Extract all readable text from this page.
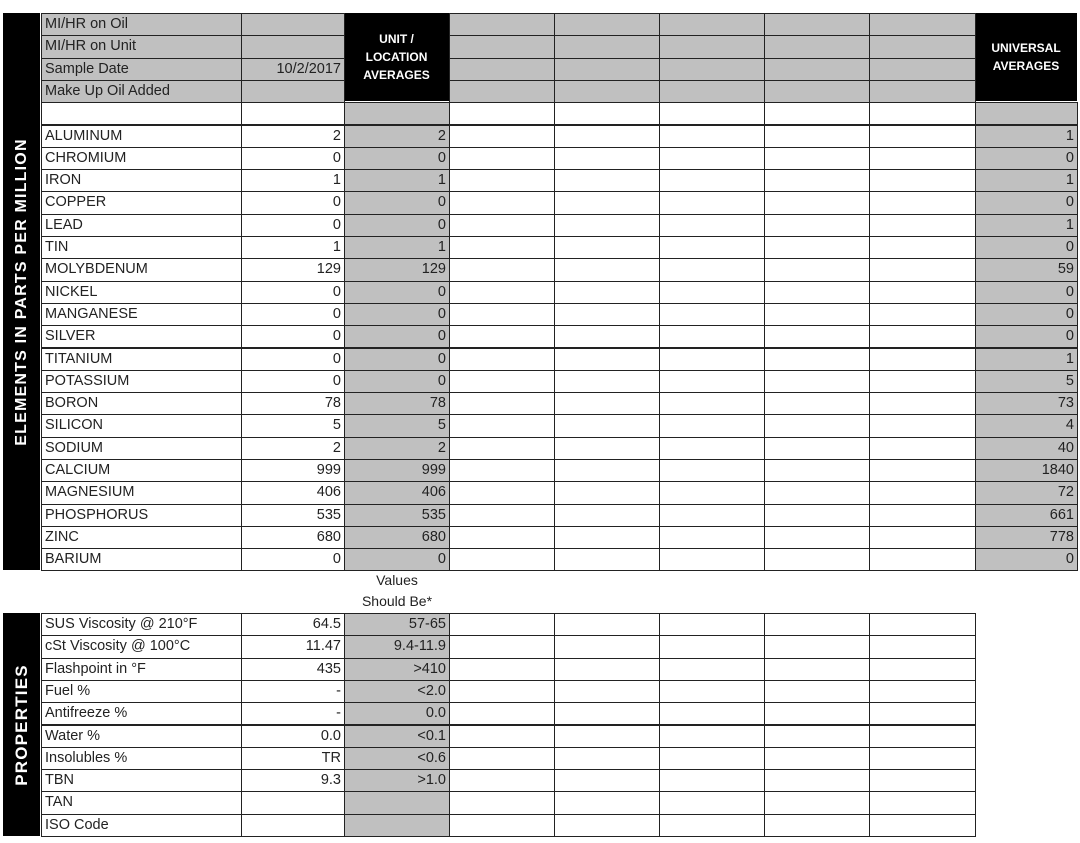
ELEMENTS IN PARTS PER MILLION
PROPERTIES
UNIT / LOCATION AVERAGES
UNIVERSAL AVERAGES
Values
Should Be*
MI/HR on Oil
MI/HR on Unit
Sample Date	10/2/2017
Make Up Oil Added
ALUMINUM	2	2	1
CHROMIUM	0	0	0
IRON	1	1	1
COPPER	0	0	0
LEAD	0	0	1
TIN	1	1	0
MOLYBDENUM	129	129	59
NICKEL	0	0	0
MANGANESE	0	0	0
SILVER	0	0	0
TITANIUM	0	0	1
POTASSIUM	0	0	5
BORON	78	78	73
SILICON	5	5	4
SODIUM	2	2	40
CALCIUM	999	999	1840
MAGNESIUM	406	406	72
PHOSPHORUS	535	535	661
ZINC	680	680	778
BARIUM	0	0	0
SUS Viscosity @ 210°F	64.5	57-65
cSt Viscosity @ 100°C	11.47	9.4-11.9
Flashpoint in °F	435	>410
Fuel %	-	<2.0
Antifreeze %	-	0.0
Water %	0.0	<0.1
Insolubles %	TR	<0.6
TBN	9.3	>1.0
TAN
ISO Code
